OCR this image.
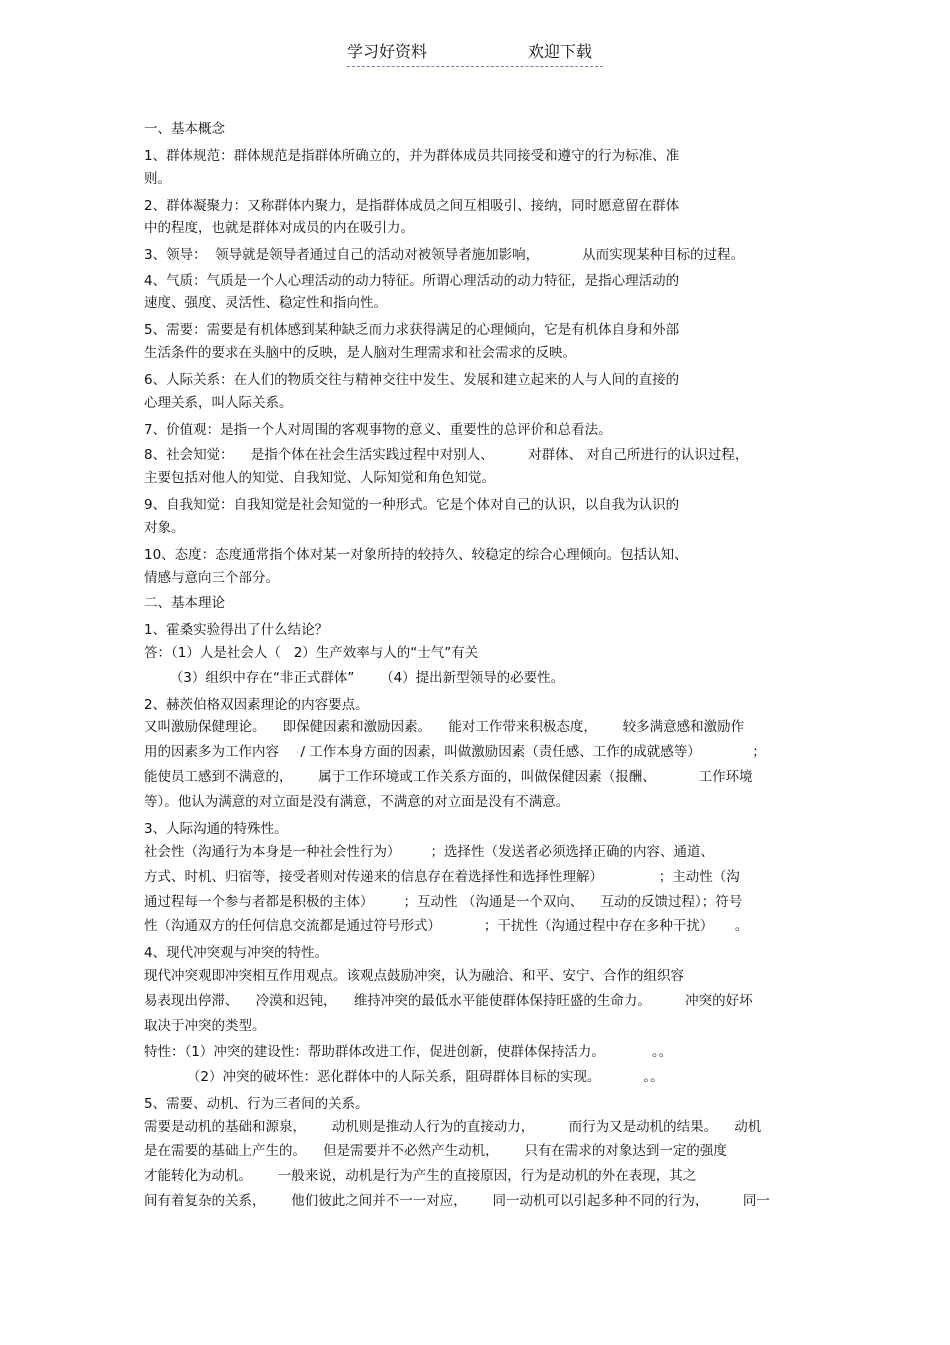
学习好资料	欢迎下载

一、基本概念

1、群体规范：群体规范是指群体所确立的，并为群体成员共同接受和遵守的行为标准、准

则。

2、群体凝聚力：又称群体内聚力，是指群体成员之间互相吸引、接纳，同时愿意留在群体

中的程度，也就是群体对成员的内在吸引力。

3、领导：  领导就是领导者通过自己的活动对被领导者施加影响，          从而实现某种目标的过程。

4、气质：气质是一个人心理活动的动力特征。所谓心理活动的动力特征，是指心理活动的

速度、强度、灵活性、稳定性和指向性。

5、需要：需要是有机体感到某种缺乏而力求获得满足的心理倾向，它是有机体自身和外部

生活条件的要求在头脑中的反映，是人脑对生理需求和社会需求的反映。

6、人际关系：在人们的物质交往与精神交往中发生、发展和建立起来的人与人间的直接的

心理关系，叫人际关系。

7、价值观：是指一个人对周围的客观事物的意义、重要性的总评价和总看法。

8、社会知觉：    是指个体在社会生活实践过程中对别人、        对群体、 对自己所进行的认识过程，

主要包括对他人的知觉、自我知觉、人际知觉和角色知觉。

9、自我知觉：自我知觉是社会知觉的一种形式。它是个体对自己的认识，以自我为认识的

对象。

10、态度：态度通常指个体对某一对象所持的较持久、较稳定的综合心理倾向。包括认知、

情感与意向三个部分。

二、基本理论

1、霍桑实验得出了什么结论？

答：（1）人是社会人（   2）生产效率与人的“士气”有关

（3）组织中存在“非正式群体”      （4）提出新型领导的必要性。

2、赫茨伯格双因素理论的内容要点。

又叫激励保健理论。    即保健因素和激励因素。    能对工作带来积极态度，      较多满意感和激励作

用的因素多为工作内容     / 工作本身方面的因素，叫做激励因素（责任感、工作的成就感等）            ；

能使员工感到不满意的，      属于工作环境或工作关系方面的，叫做保健因素（报酬、          工作环境

等）。他认为满意的对立面是没有满意，不满意的对立面是没有不满意。

3、人际沟通的特殊性。

社会性（沟通行为本身是一种社会性行为）       ；选择性（发送者必须选择正确的内容、通道、

方式、时机、归宿等，接受者则对传递来的信息存在着选择性和选择性理解）             ；主动性（沟

通过程每一个参与者都是积极的主体）       ；互动性 （沟通是一个双向、    互动的反馈过程）；符号

性（沟通双方的任何信息交流都是通过符号形式）          ；干扰性（沟通过程中存在多种干扰）     。

4、现代冲突观与冲突的特性。

现代冲突观即冲突相互作用观点。该观点鼓励冲突，认为融洽、和平、安宁、合作的组织容

易表现出停滞、    冷漠和迟钝，    维持冲突的最低水平能使群体保持旺盛的生命力。        冲突的好坏

取决于冲突的类型。

特性：（1）冲突的建设性：帮助群体改进工作，促进创新，使群体保持活力。           。。

（2）冲突的破坏性：恶化群体中的人际关系，阻碍群体目标的实现。          。。

5、需要、动机、行为三者间的关系。

需要是动机的基础和源泉，      动机则是推动人行为的直接动力，        而行为又是动机的结果。    动机

是在需要的基础上产生的。    但是需要并不必然产生动机，      只有在需求的对象达到一定的强度

才能转化为动机。      一般来说，动机是行为产生的直接原因，行为是动机的外在表现，其之

间有着复杂的关系，      他们彼此之间并不一一对应，      同一动机可以引起多种不同的行为，        同一
